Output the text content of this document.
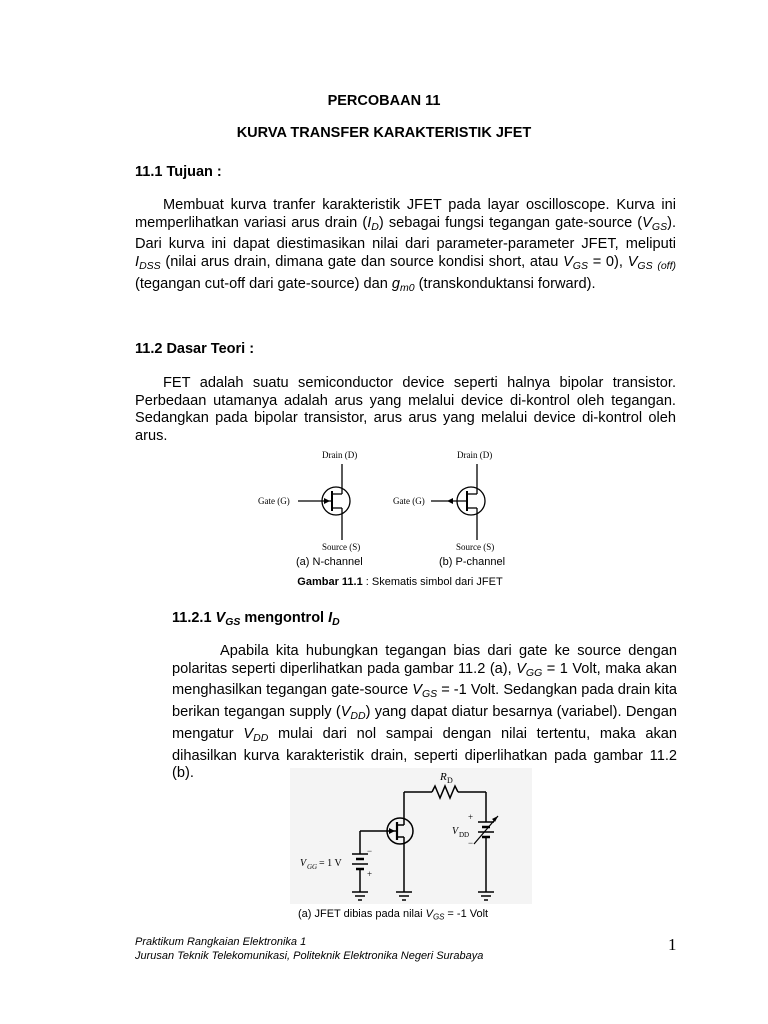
PERCOBAAN 11
KURVA TRANSFER KARAKTERISTIK JFET
11.1 Tujuan :
Membuat kurva tranfer karakteristik JFET pada layar oscilloscope. Kurva ini memperlihatkan variasi arus drain $(I_D)$ sebagai fungsi tegangan gate-source $(V_{GS})$. Dari kurva ini dapat diestimasikan nilai dari parameter-parameter JFET, meliputi $I_{DSS}$ (nilai arus drain, dimana gate dan source kondisi short, atau $V_{GS} = 0$), $V_{GS}$ $_{(off)}$ (tegangan cut-off dari gate-source) dan $g_{m0}$ (transkonduktansi forward).
11.2 Dasar Teori :
FET adalah suatu semiconductor device seperti halnya bipolar transistor. Perbedaan utamanya adalah arus yang melalui device di-kontrol oleh tegangan. Sedangkan pada bipolar transistor, arus arus yang melalui device di-kontrol oleh arus.
Drain (D)
Gate (G)
Source (S)
Drain (D)
Gate (G)
Source (S)
(a) N-channel	(b) P-channel
Gambar 11.1 : Skematis simbol dari JFET
11.2.1 $V_{GS}$ mengontrol $I_D$
Apabila kita hubungkan tegangan bias dari gate ke source dengan polaritas seperti diperlihatkan pada gambar 11.2 (a), $V_{GG} = 1$ Volt, maka akan menghasilkan tegangan gate-source $V_{GS} = -1$ Volt. Sedangkan pada drain kita berikan tegangan supply $(V_{DD})$ yang dapat diatur besarnya (variabel). Dengan mengatur $V_{DD}$ mulai dari nol sampai dengan nilai tertentu, maka akan dihasilkan kurva karakteristik drain, seperti diperlihatkan pada gambar 11.2 (b).	R D
−
+
V GG = 1 V
+
−
V DD
(a) JFET dibias pada nilai $V_{GS} = -1$ Volt
Praktikum Rangkaian Elektronika 1
Jurusan Teknik Telekomunikasi, Politeknik Elektronika Negeri Surabaya
1
